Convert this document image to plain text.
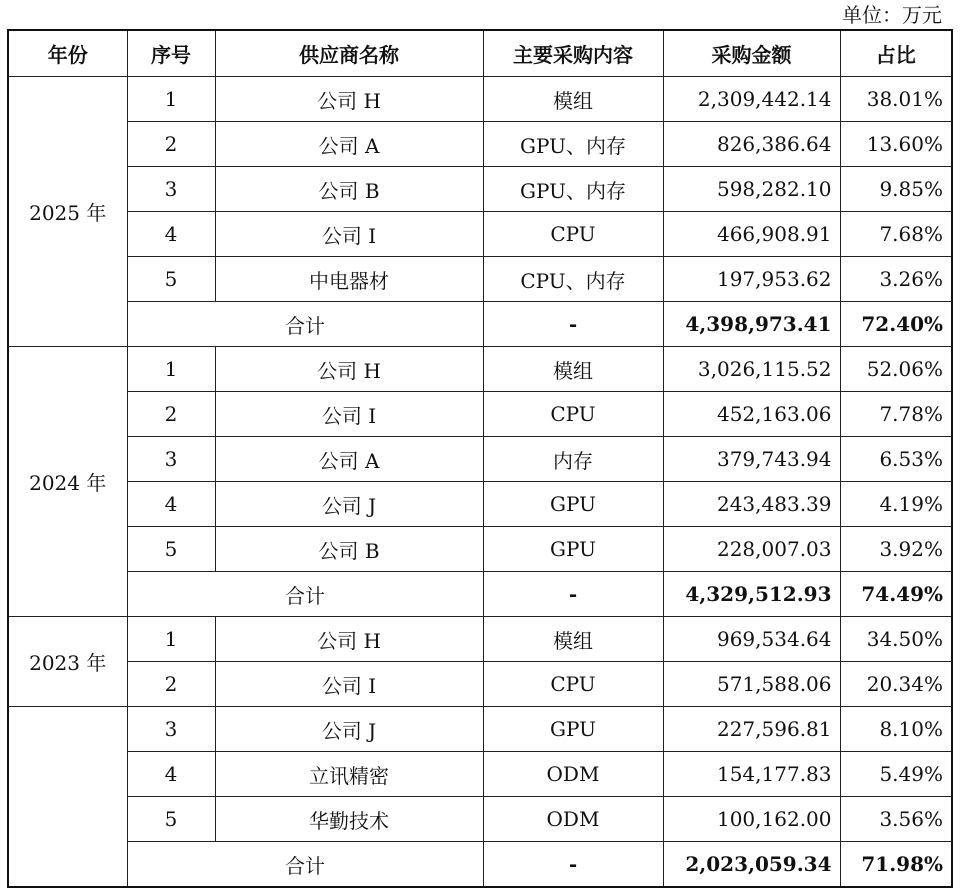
单位：万元
年份	序号	供应商名称	主要采购内容	采购金额	占比
2025 年	1	公司 H	模组	2,309,442.14	38.01%
	2	公司 A	GPU、内存	826,386.64	13.60%
	3	公司 B	GPU、内存	598,282.10	9.85%
	4	公司 I	CPU	466,908.91	7.68%
	5	中电器材	CPU、内存	197,953.62	3.26%
	合计		-	4,398,973.41	72.40%
2024 年	1	公司 H	模组	3,026,115.52	52.06%
	2	公司 I	CPU	452,163.06	7.78%
	3	公司 A	内存	379,743.94	6.53%
	4	公司 J	GPU	243,483.39	4.19%
	5	公司 B	GPU	228,007.03	3.92%
	合计		-	4,329,512.93	74.49%
2023 年	1	公司 H	模组	969,534.64	34.50%
	2	公司 I	CPU	571,588.06	20.34%
	3	公司 J	GPU	227,596.81	8.10%
	4	立讯精密	ODM	154,177.83	5.49%
	5	华勤技术	ODM	100,162.00	3.56%
	合计		-	2,023,059.34	71.98%
